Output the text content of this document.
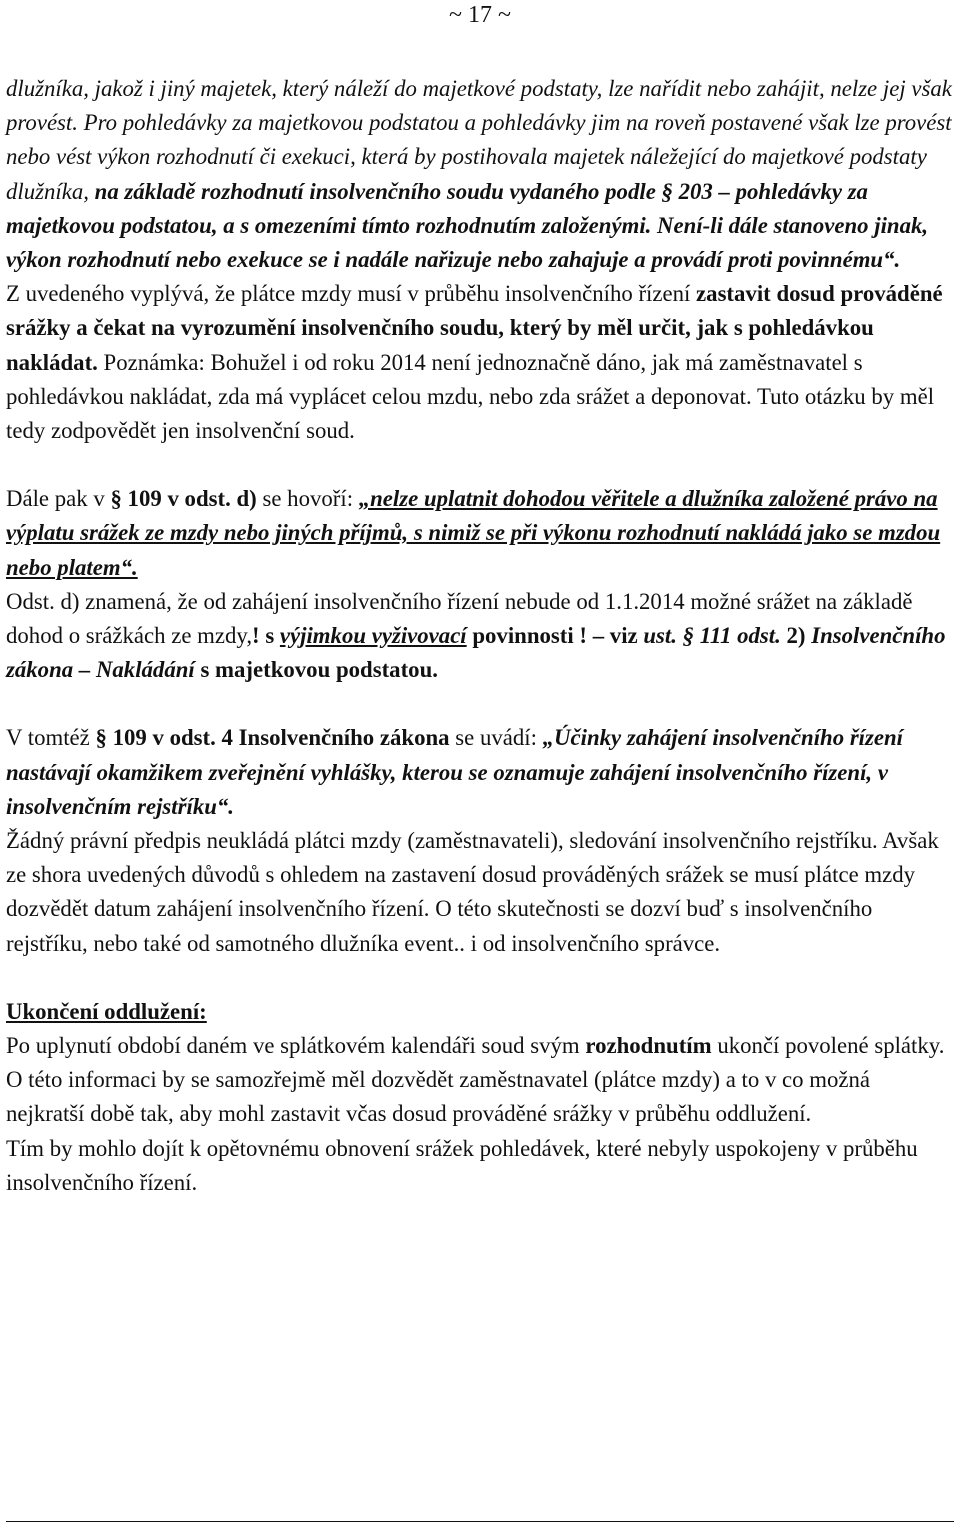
~ 17 ~

dlužníka, jakož i jiný majetek, který náleží do majetkové podstaty, lze nařídit nebo zahájit, nelze jej však provést. Pro pohledávky za majetkovou podstatou a pohledávky jim na roveň postavené však lze provést nebo vést výkon rozhodnutí či exekuci, která by postihovala majetek náležející do majetkové podstaty dlužníka, na základě rozhodnutí insolvenčního soudu vydaného podle § 203 – pohledávky za majetkovou podstatou, a s omezeními tímto rozhodnutím založenými. Není-li dále stanoveno jinak, výkon rozhodnutí nebo exekuce se i nadále nařizuje nebo zahajuje a provádí proti povinnému“.

Z uvedeného vyplývá, že plátce mzdy musí v průběhu insolvenčního řízení zastavit dosud prováděné srážky a čekat na vyrozumění insolvenčního soudu, který by měl určit, jak s pohledávkou nakládat. Poznámka: Bohužel i od roku 2014 není jednoznačně dáno, jak má zaměstnavatel s pohledávkou nakládat, zda má vyplácet celou mzdu, nebo zda srážet a deponovat. Tuto otázku by měl tedy zodpovědět jen insolvenční soud.

Dále pak v § 109 v odst. d) se hovoří: „nelze uplatnit dohodou věřitele a dlužníka založené právo na výplatu srážek ze mzdy nebo jiných příjmů, s nimiž se při výkonu rozhodnutí nakládá jako se mzdou nebo platem“.

Odst. d) znamená, že od zahájení insolvenčního řízení nebude od 1.1.2014 možné srážet na základě dohod o srážkách ze mzdy,! s výjimkou vyživovací povinnosti ! – viz ust. § 111 odst. 2) Insolvenčního zákona – Nakládání s majetkovou podstatou.

V tomtéž § 109 v odst. 4 Insolvenčního zákona se uvádí: „Účinky zahájení insolvenčního řízení nastávají okamžikem zveřejnění vyhlášky, kterou se oznamuje zahájení insolvenčního řízení, v insolvenčním rejstříku“.

Žádný právní předpis neukládá plátci mzdy (zaměstnavateli), sledování insolvenčního rejstříku. Avšak ze shora uvedených důvodů s ohledem na zastavení dosud prováděných srážek se musí plátce mzdy dozvědět datum zahájení insolvenčního řízení. O této skutečnosti se dozví buď s insolvenčního rejstříku, nebo také od samotného dlužníka event.. i od insolvenčního správce.

Ukončení oddlužení:

Po uplynutí období daném ve splátkovém kalendáři soud svým rozhodnutím ukončí povolené splátky. O této informaci by se samozřejmě měl dozvědět zaměstnavatel (plátce mzdy) a to v co možná nejkratší době tak, aby mohl zastavit včas dosud prováděné srážky v průběhu oddlužení.

Tím by mohlo dojít k opětovnému obnovení srážek pohledávek, které nebyly uspokojeny v průběhu insolvenčního řízení.
